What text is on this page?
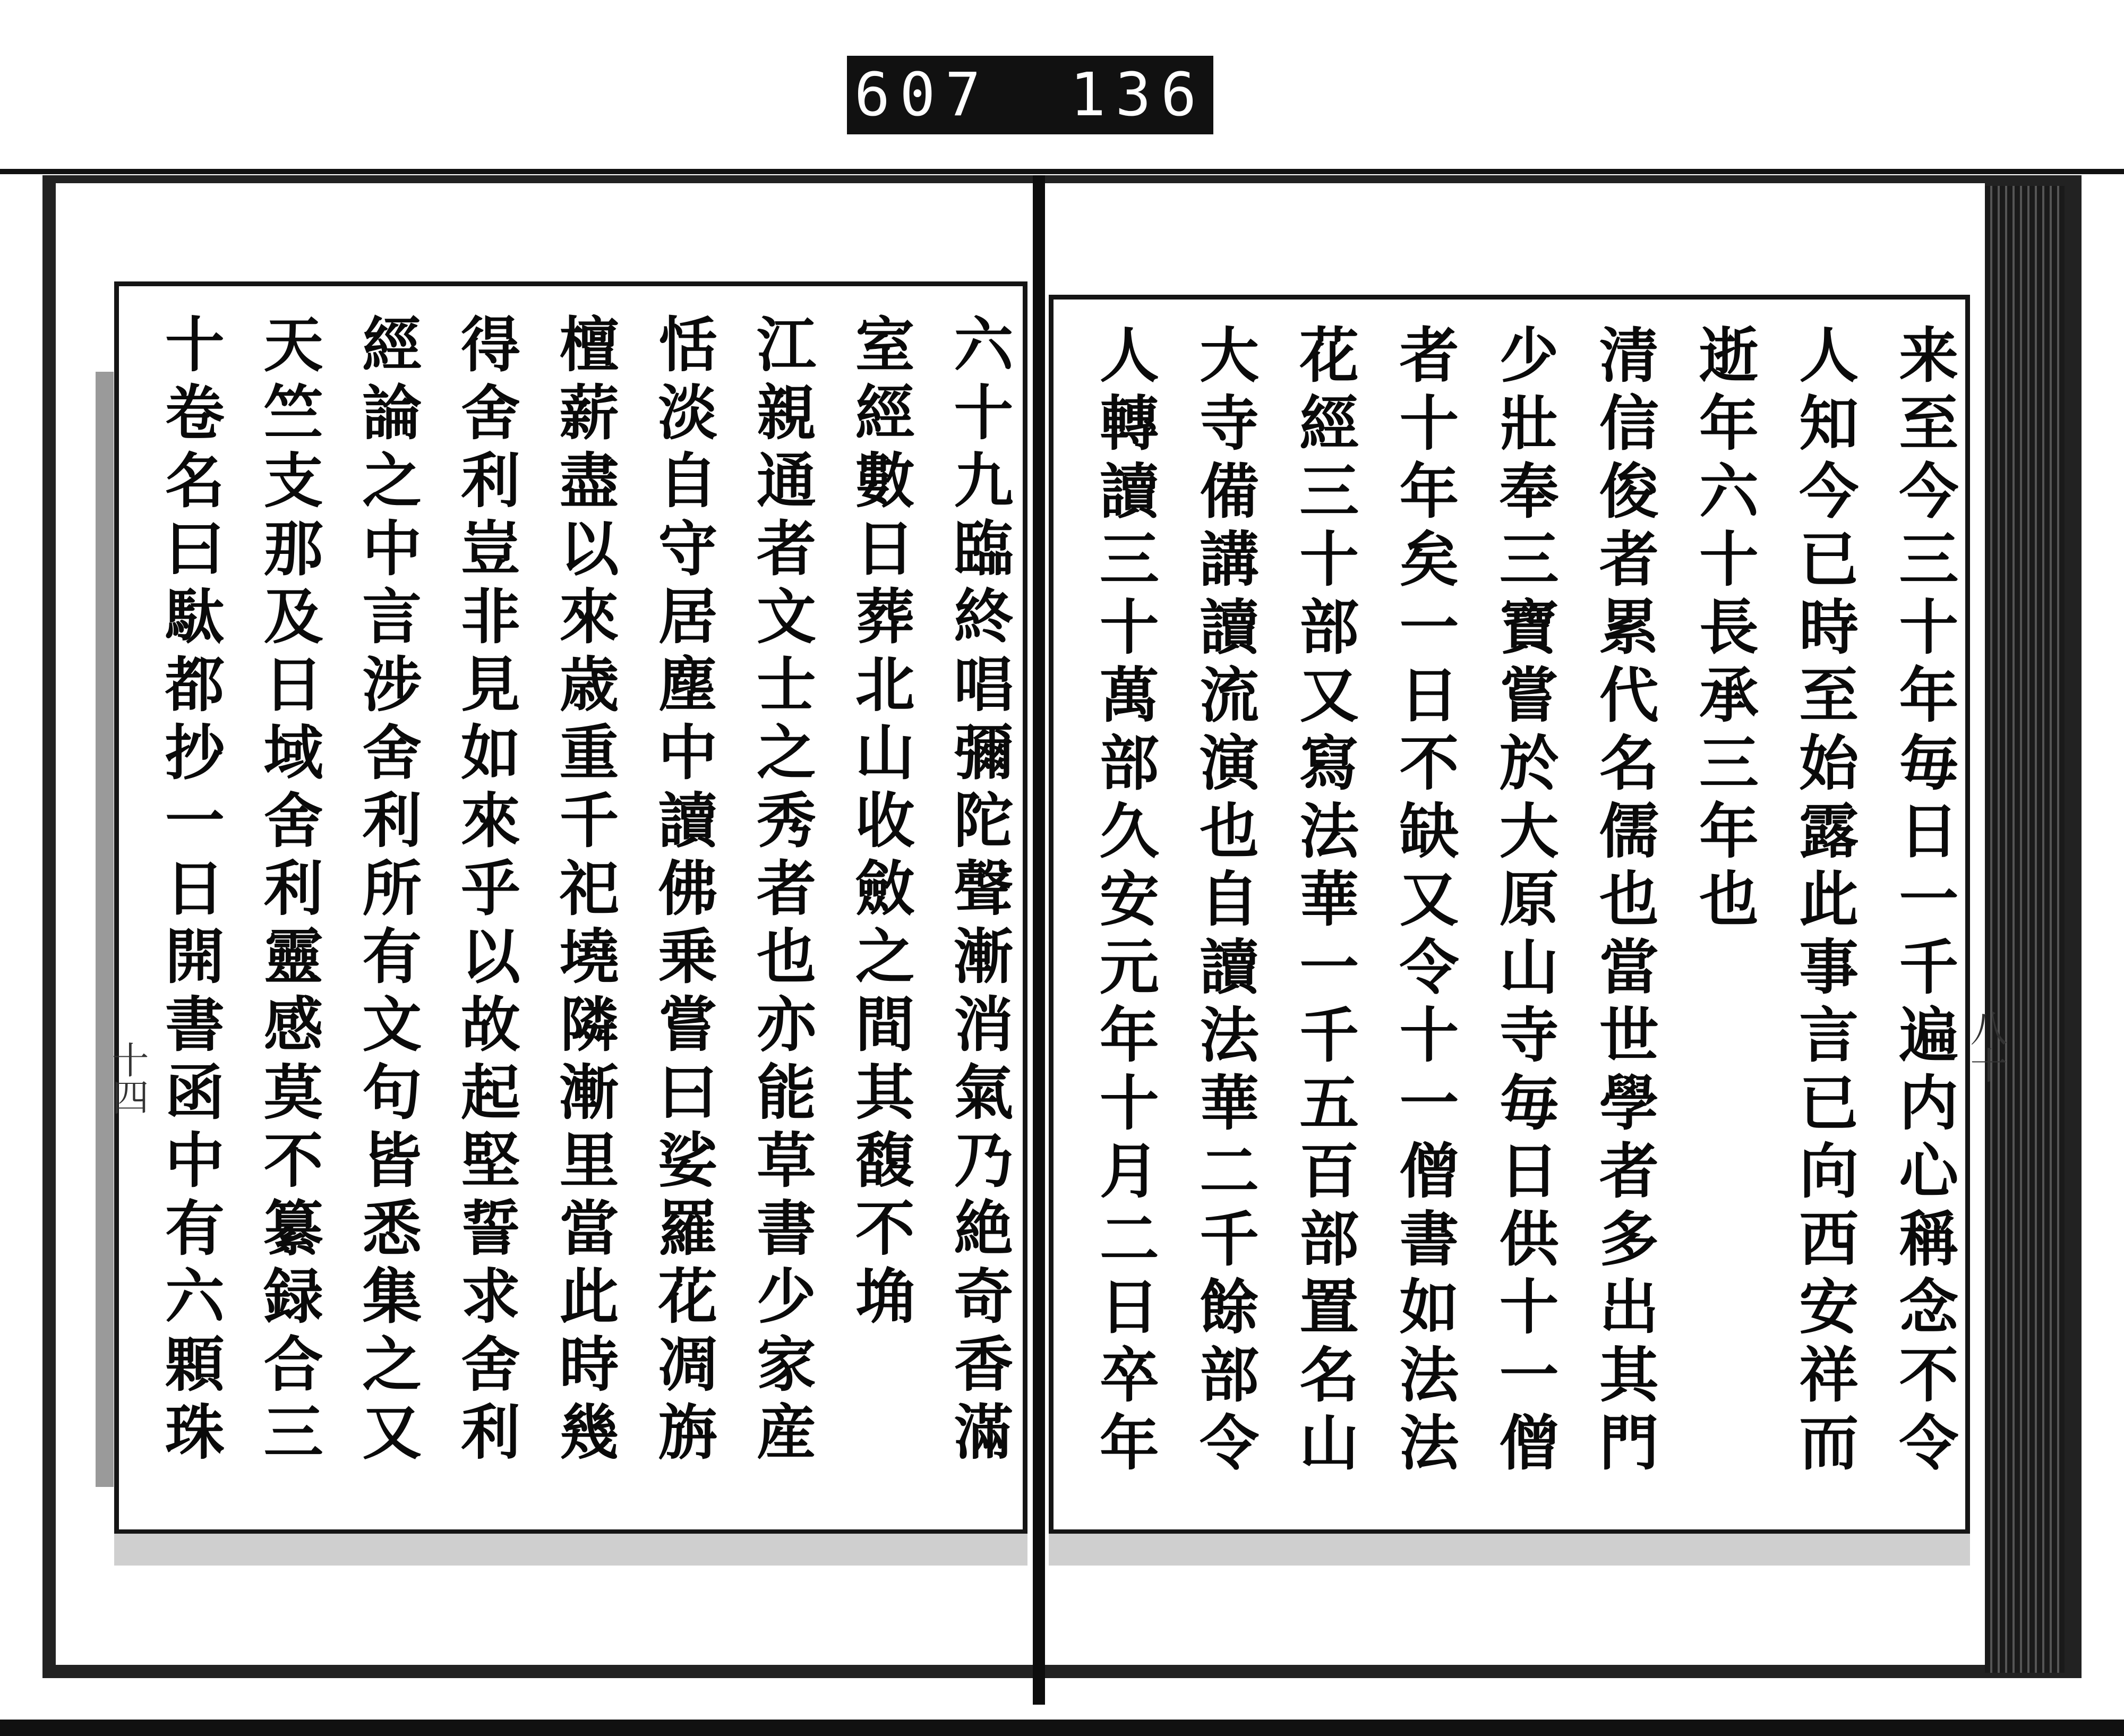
607 136
来至今三十年毎日一千遍内心稱念不令
人知今已時至始露此事言已向西安祥而
逝年六十長承三年也
清信俊者累代名儒也當世學者多出其門
少壯奉三寶嘗於大原山寺毎日供十一僧
者十年矣一日不缺又令十一僧書如法法
花經三十部又寫法華一千五百部置名山
大寺備講讀流演也自讀法華二千餘部令
人轉讀三十萬部久安元年十月二日卒年
六十九臨終唱彌陀聲漸消氣乃絶奇香滿
室經數日葬北山收斂之間其馥不埆
江親通者文士之秀者也亦能草書少家産
恬淡自守居塵中讀佛乗嘗曰娑羅花凋旃
檀薪盡以來歳重千祀墝隣漸里當此時幾
得舍利豈非見如來乎以故起堅誓求舍利
經論之中言涉舍利所有文句皆悉集之又
天竺支那及日域舍利靈感莫不纂録合三
十卷名曰駄都抄一日開書函中有六顆珠	八十
十四
